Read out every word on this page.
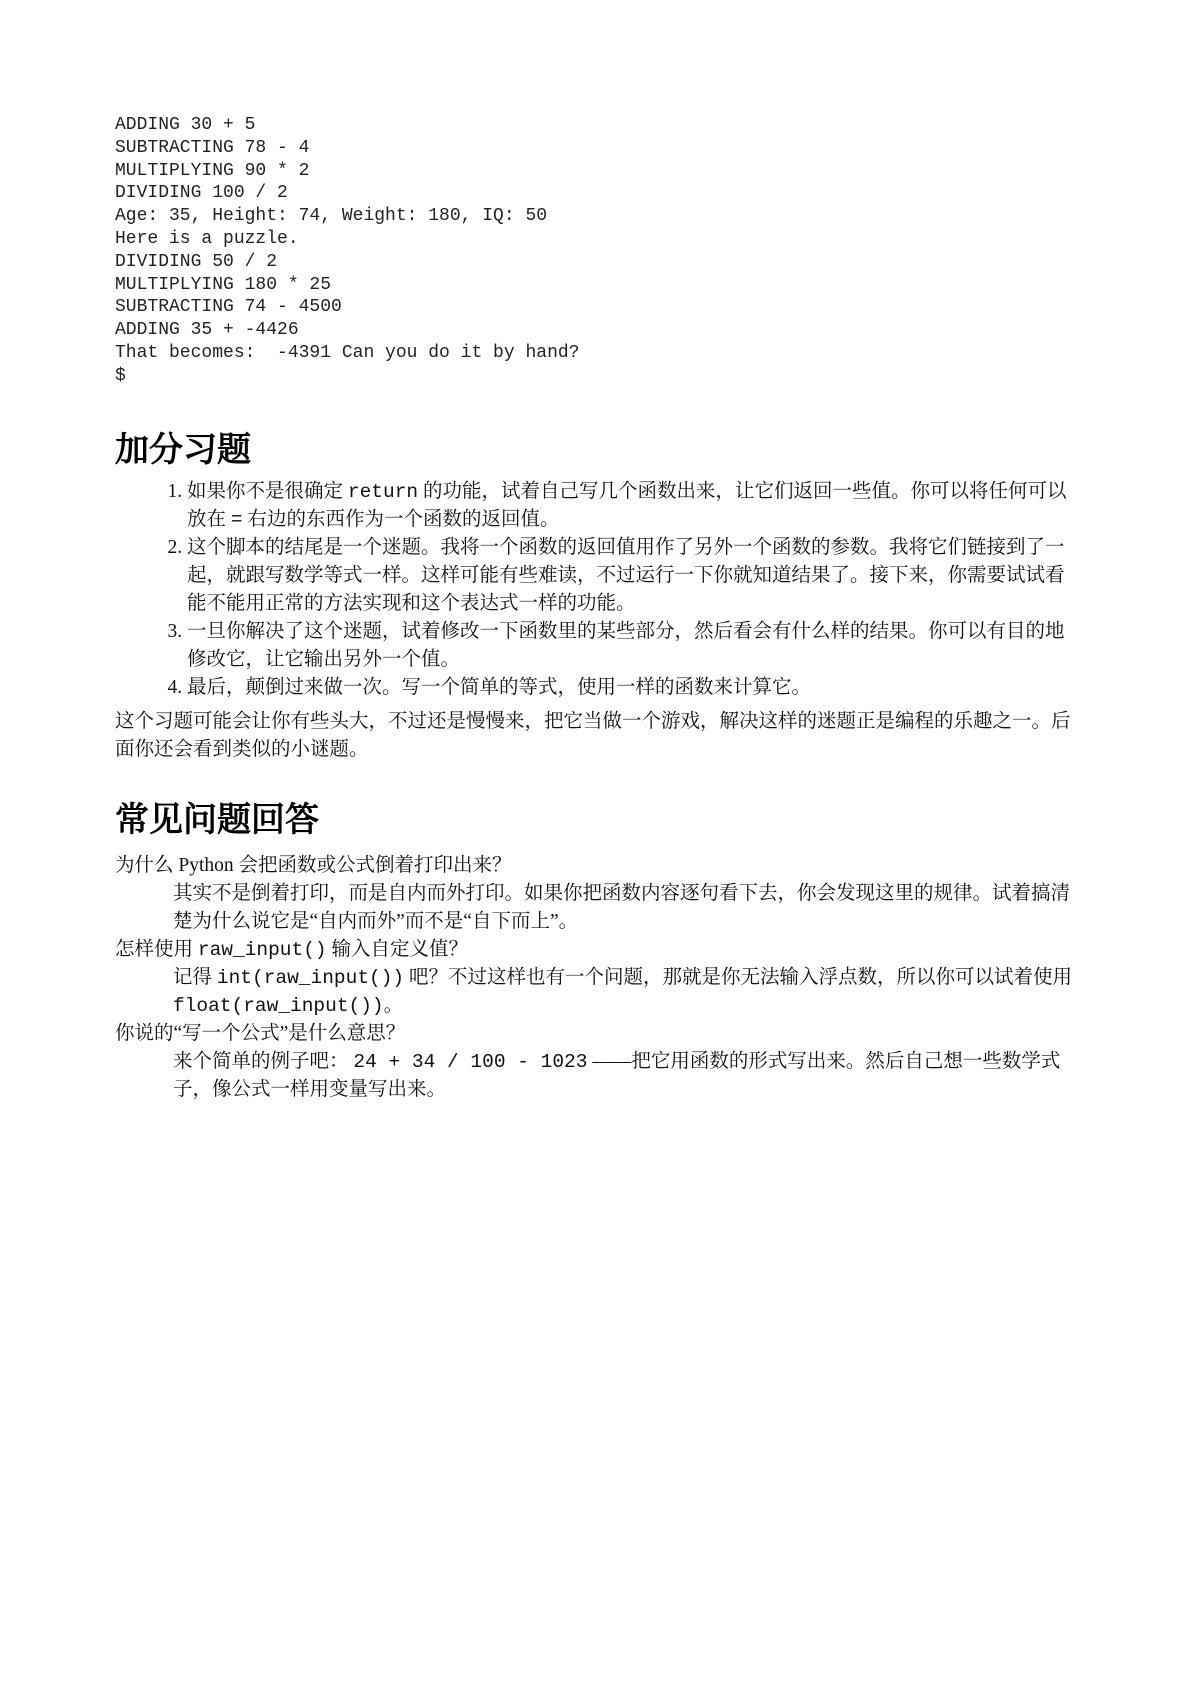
ADDING 30 + 5
SUBTRACTING 78 - 4
MULTIPLYING 90 * 2
DIVIDING 100 / 2
Age: 35, Height: 74, Weight: 180, IQ: 50
Here is a puzzle.
DIVIDING 50 / 2
MULTIPLYING 180 * 25
SUBTRACTING 74 - 4500
ADDING 35 + -4426
That becomes:  -4391 Can you do it by hand?
$
加分习题
1. 如果你不是很确定 return 的功能，试着自己写几个函数出来，让它们返回一些值。你可以将任何可以放在 = 右边的东西作为一个函数的返回值。
2. 这个脚本的结尾是一个迷题。我将一个函数的返回值用作了另外一个函数的参数。我将它们链接到了一起，就跟写数学等式一样。这样可能有些难读，不过运行一下你就知道结果了。接下来，你需要试试看能不能用正常的方法实现和这个表达式一样的功能。
3. 一旦你解决了这个迷题，试着修改一下函数里的某些部分，然后看会有什么样的结果。你可以有目的地修改它，让它输出另外一个值。
4. 最后，颠倒过来做一次。写一个简单的等式，使用一样的函数来计算它。
这个习题可能会让你有些头大，不过还是慢慢来，把它当做一个游戏，解决这样的迷题正是编程的乐趣之一。后面你还会看到类似的小谜题。
常见问题回答
为什么 Python 会把函数或公式倒着打印出来？
其实不是倒着打印，而是自内而外打印。如果你把函数内容逐句看下去，你会发现这里的规律。试着搞清楚为什么说它是“自内而外”而不是“自下而上”。
怎样使用 raw_input() 输入自定义值？
记得 int(raw_input()) 吧？不过这样也有一个问题，那就是你无法输入浮点数，所以你可以试着使用 float(raw_input())。
你说的“写一个公式”是什么意思？
来个简单的例子吧： 24 + 34 / 100 - 1023 ——把它用函数的形式写出来。然后自己想一些数学式子，像公式一样用变量写出来。
